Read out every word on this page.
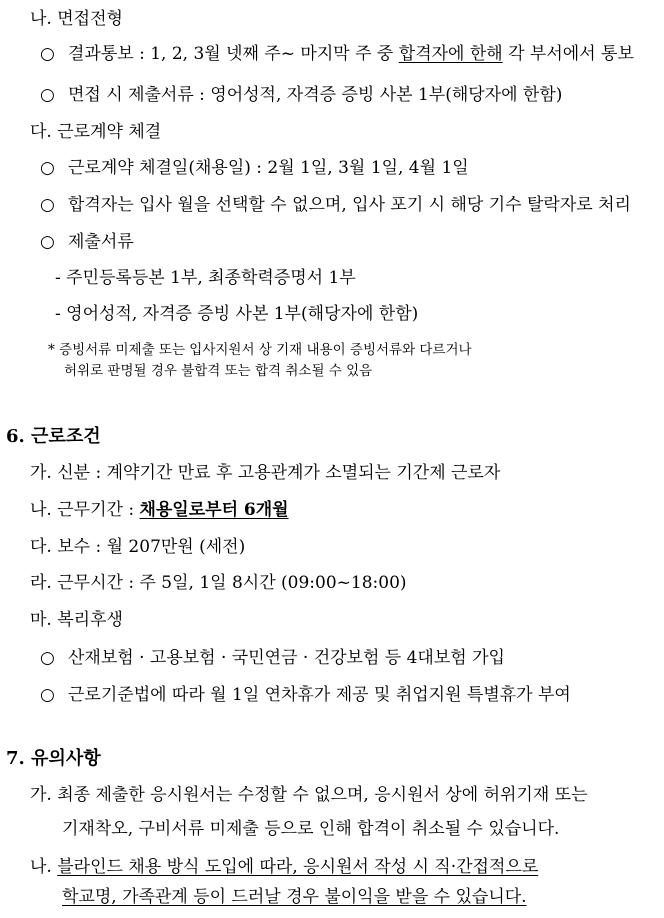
나. 면접전형
○ 결과통보 : 1, 2, 3월 넷째 주~ 마지막 주 중 합격자에 한해 각 부서에서 통보
○ 면접 시 제출서류 : 영어성적, 자격증 증빙 사본 1부(해당자에 한함)
다. 근로계약 체결
○ 근로계약 체결일(채용일) : 2월 1일, 3월 1일, 4월 1일
○ 합격자는 입사 월을 선택할 수 없으며, 입사 포기 시 해당 기수 탈락자로 처리
○ 제출서류
- 주민등록등본 1부, 최종학력증명서 1부
- 영어성적, 자격증 증빙 사본 1부(해당자에 한함)
* 증빙서류 미제출 또는 입사지원서 상 기재 내용이 증빙서류와 다르거나
허위로 판명될 경우 불합격 또는 합격 취소될 수 있음
6. 근로조건
가. 신분 : 계약기간 만료 후 고용관계가 소멸되는 기간제 근로자
나. 근무기간 : 채용일로부터 6개월
다. 보수 : 월 207만원 (세전)
라. 근무시간 : 주 5일, 1일 8시간 (09:00~18:00)
마. 복리후생
○ 산재보험 · 고용보험 · 국민연금 · 건강보험 등 4대보험 가입
○ 근로기준법에 따라 월 1일 연차휴가 제공 및 취업지원 특별휴가 부여
7. 유의사항
가. 최종 제출한 응시원서는 수정할 수 없으며, 응시원서 상에 허위기재 또는
기재착오, 구비서류 미제출 등으로 인해 합격이 취소될 수 있습니다.
나. 블라인드 채용 방식 도입에 따라, 응시원서 작성 시 직·간접적으로
학교명, 가족관계 등이 드러날 경우 불이익을 받을 수 있습니다.
